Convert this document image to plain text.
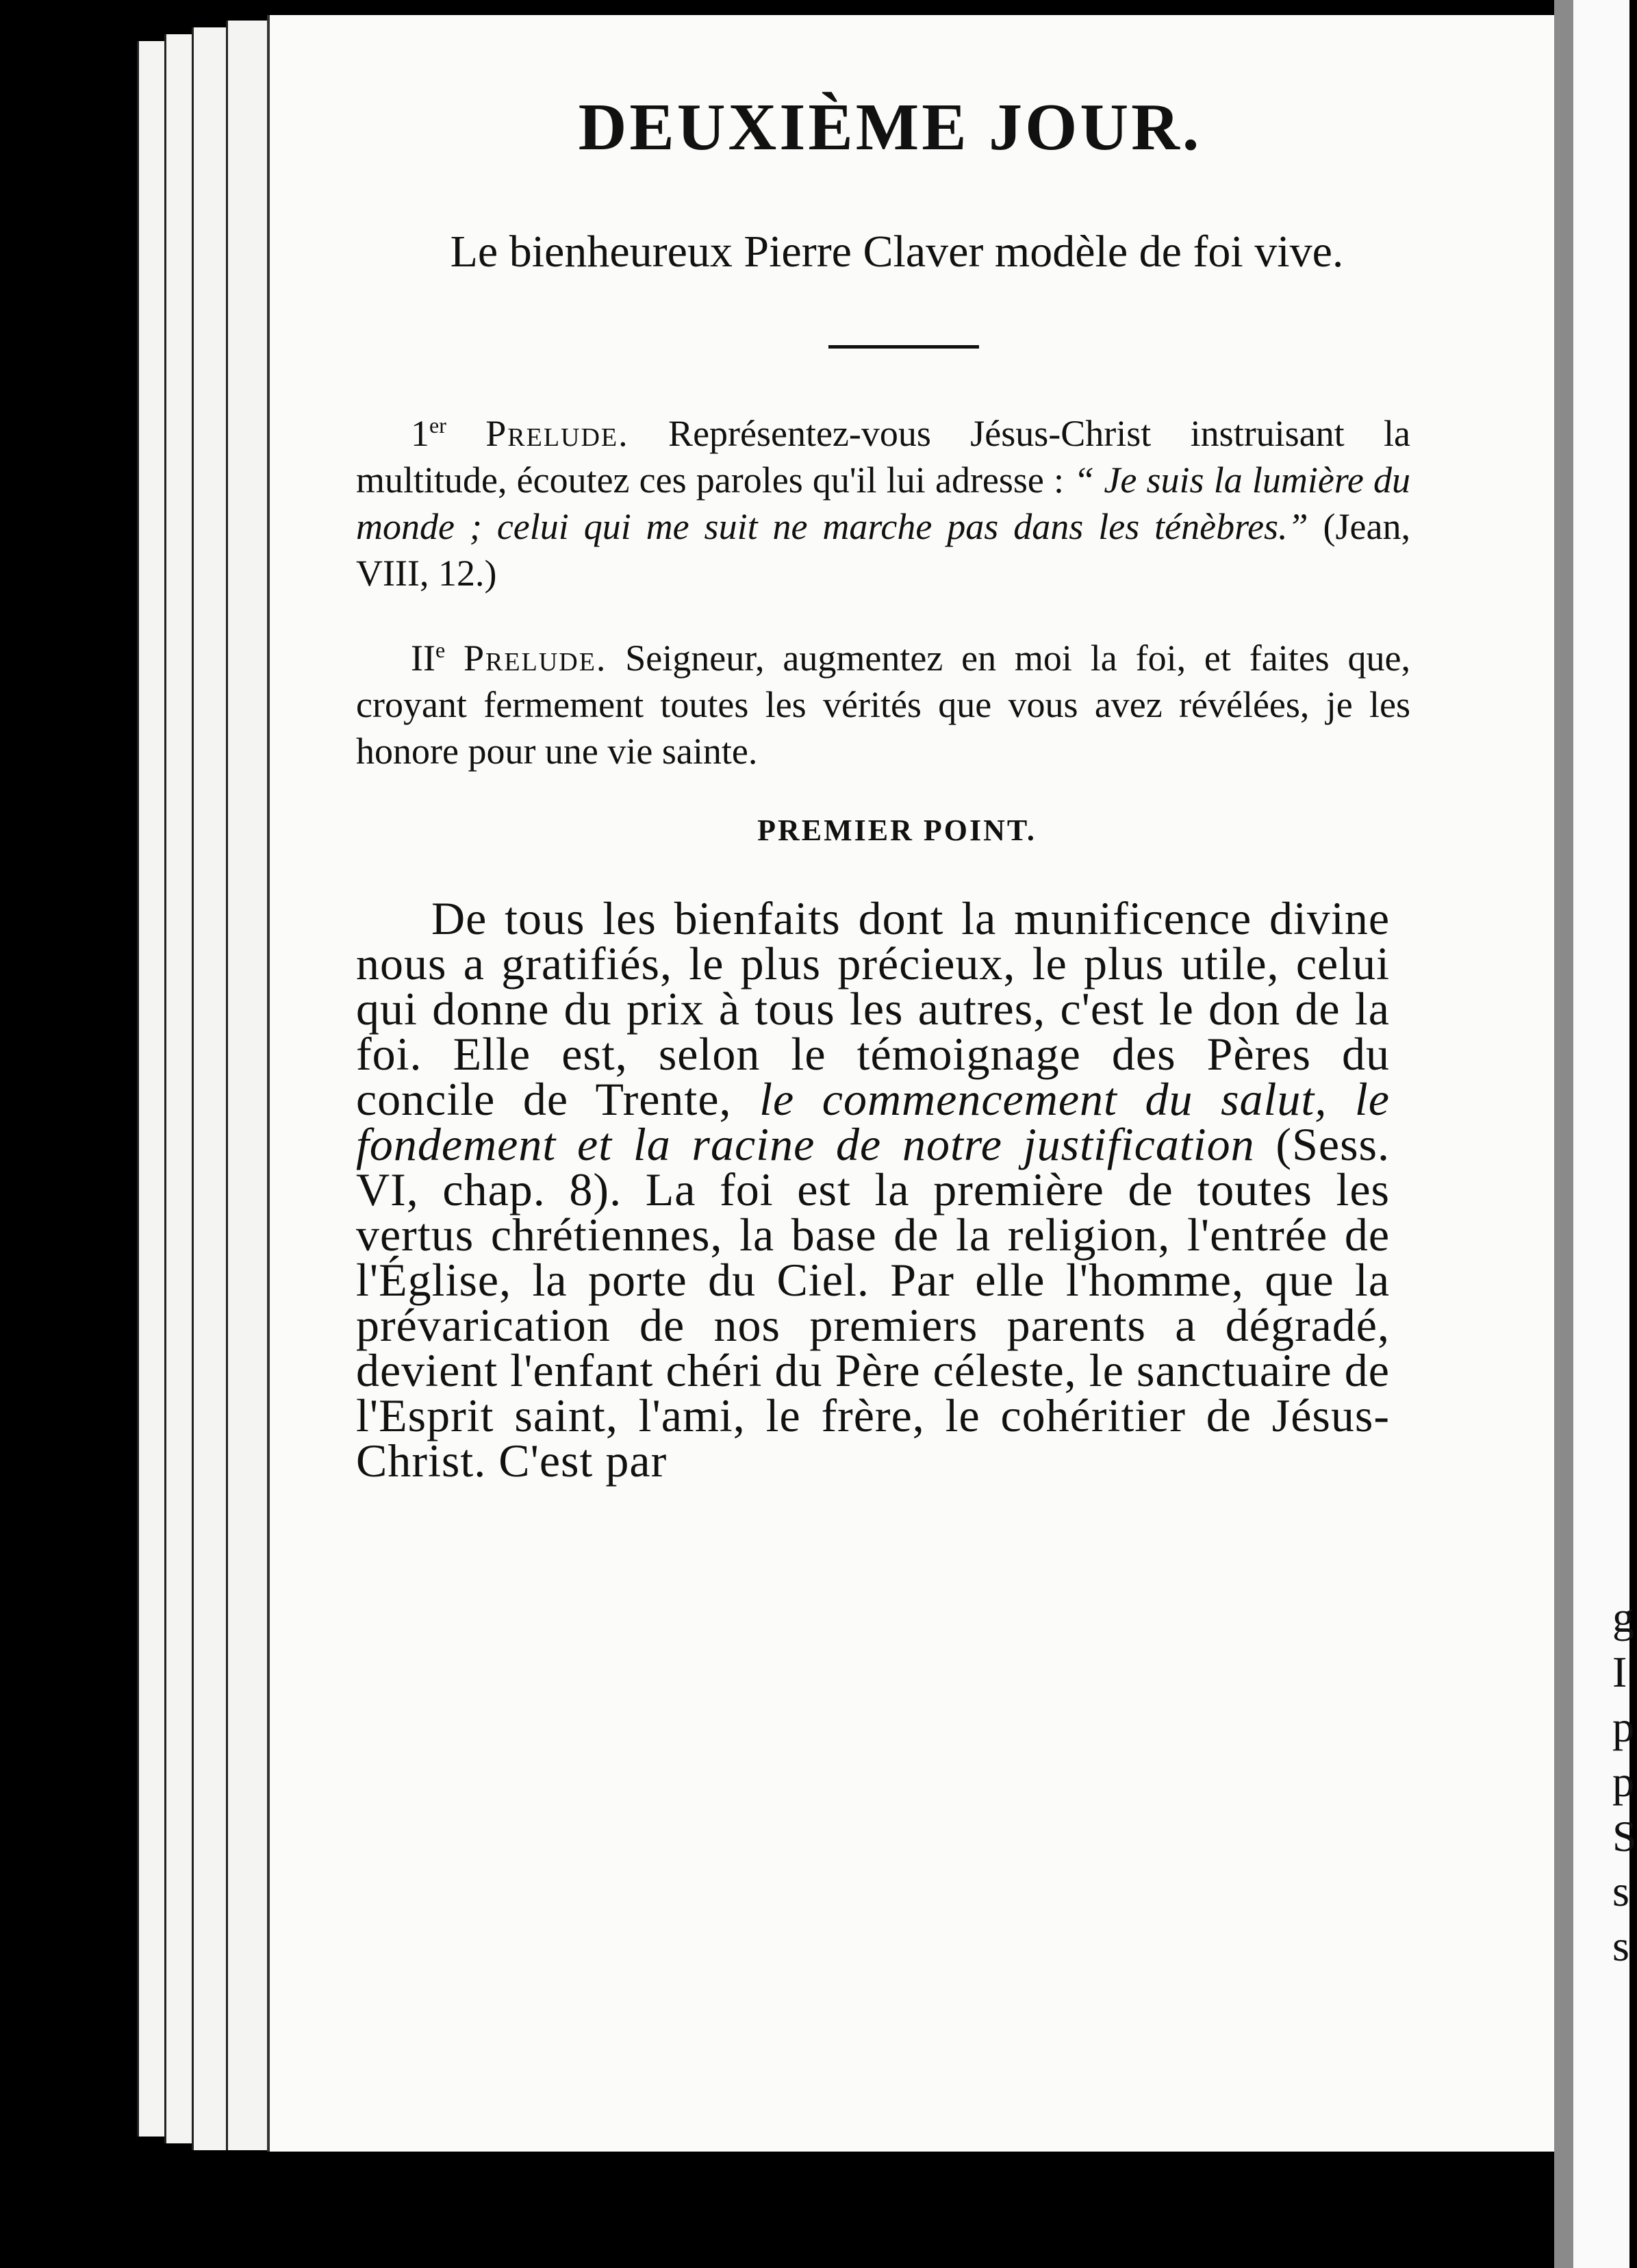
g
I
p
p
S
s
s
DEUXIÈME JOUR.
Le bienheureux Pierre Claver modèle de foi vive.

1er Prelude. Représentez-vous Jésus-Christ instruisant la multitude, écoutez ces paroles qu'il lui adresse : “ Je suis la lumière du monde ; celui qui me suit ne marche pas dans les ténèbres.” (Jean, VIII, 12.)

IIe Prelude. Seigneur, augmentez en moi la foi, et faites que, croyant fermement toutes les vérités que vous avez révélées, je les honore pour une vie sainte.

PREMIER POINT.

De tous les bienfaits dont la munificence divine nous a gratifiés, le plus précieux, le plus utile, celui qui donne du prix à tous les autres, c'est le don de la foi. Elle est, selon le témoignage des Pères du concile de Trente, le commencement du salut, le fondement et la racine de notre justification (Sess. VI, chap. 8). La foi est la première de toutes les vertus chrétiennes, la base de la religion, l'entrée de l'Église, la porte du Ciel. Par elle l'homme, que la prévarication de nos premiers parents a dégradé, devient l'enfant chéri du Père céleste, le sanctuaire de l'Esprit saint, l'ami, le frère, le cohéritier de Jésus-Christ. C'est par
